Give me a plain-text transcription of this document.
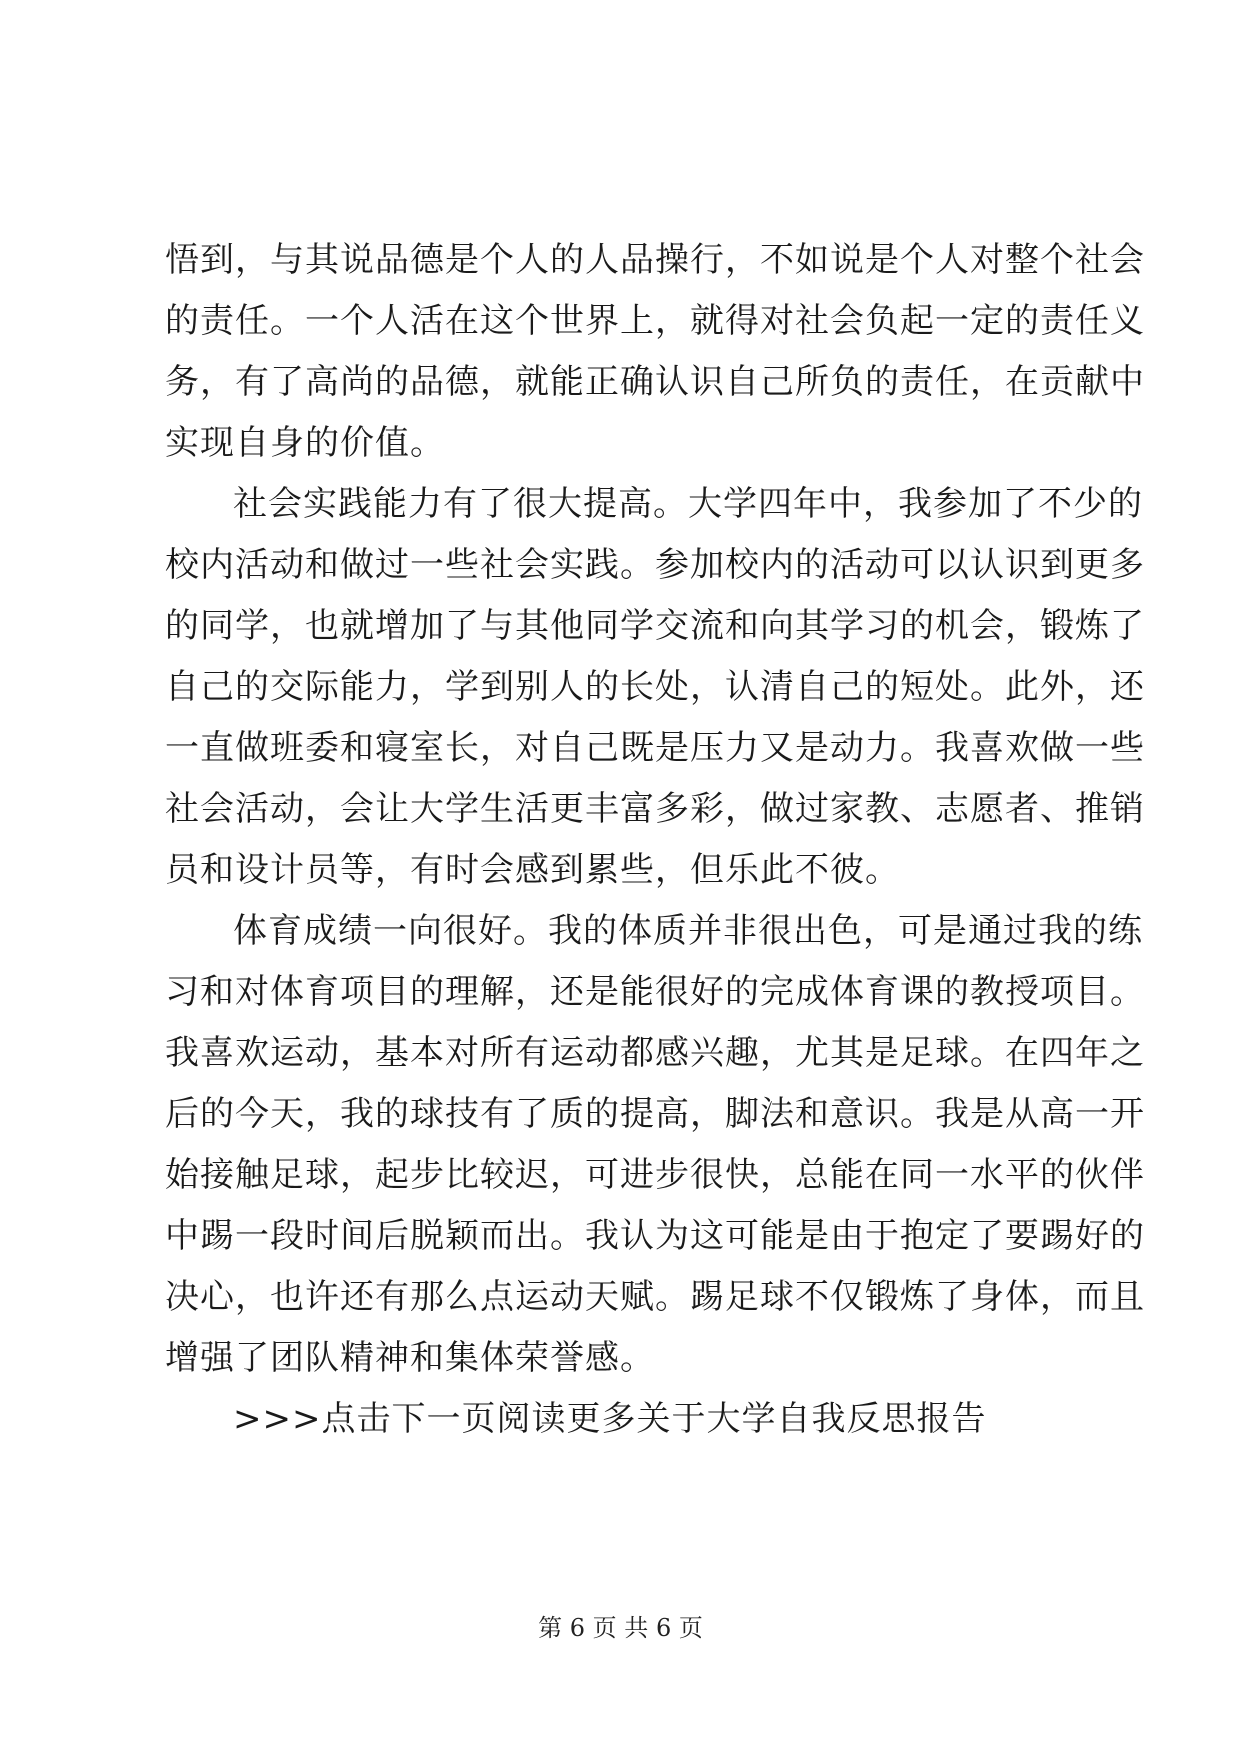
悟到，与其说品德是个人的人品操行，不如说是个人对整个社会
的责任。一个人活在这个世界上，就得对社会负起一定的责任义
务，有了高尚的品德，就能正确认识自己所负的责任，在贡献中
实现自身的价值。
社会实践能力有了很大提高。大学四年中，我参加了不少的
校内活动和做过一些社会实践。参加校内的活动可以认识到更多
的同学，也就增加了与其他同学交流和向其学习的机会，锻炼了
自己的交际能力，学到别人的长处，认清自己的短处。此外，还
一直做班委和寝室长，对自己既是压力又是动力。我喜欢做一些
社会活动，会让大学生活更丰富多彩，做过家教、志愿者、推销
员和设计员等，有时会感到累些，但乐此不彼。
体育成绩一向很好。我的体质并非很出色，可是通过我的练
习和对体育项目的理解，还是能很好的完成体育课的教授项目。
我喜欢运动，基本对所有运动都感兴趣，尤其是足球。在四年之
后的今天，我的球技有了质的提高，脚法和意识。我是从高一开
始接触足球，起步比较迟，可进步很快，总能在同一水平的伙伴
中踢一段时间后脱颖而出。我认为这可能是由于抱定了要踢好的
决心，也许还有那么点运动天赋。踢足球不仅锻炼了身体，而且
增强了团队精神和集体荣誉感。
>>>点击下一页阅读更多关于大学自我反思报告
第 6 页 共 6 页
